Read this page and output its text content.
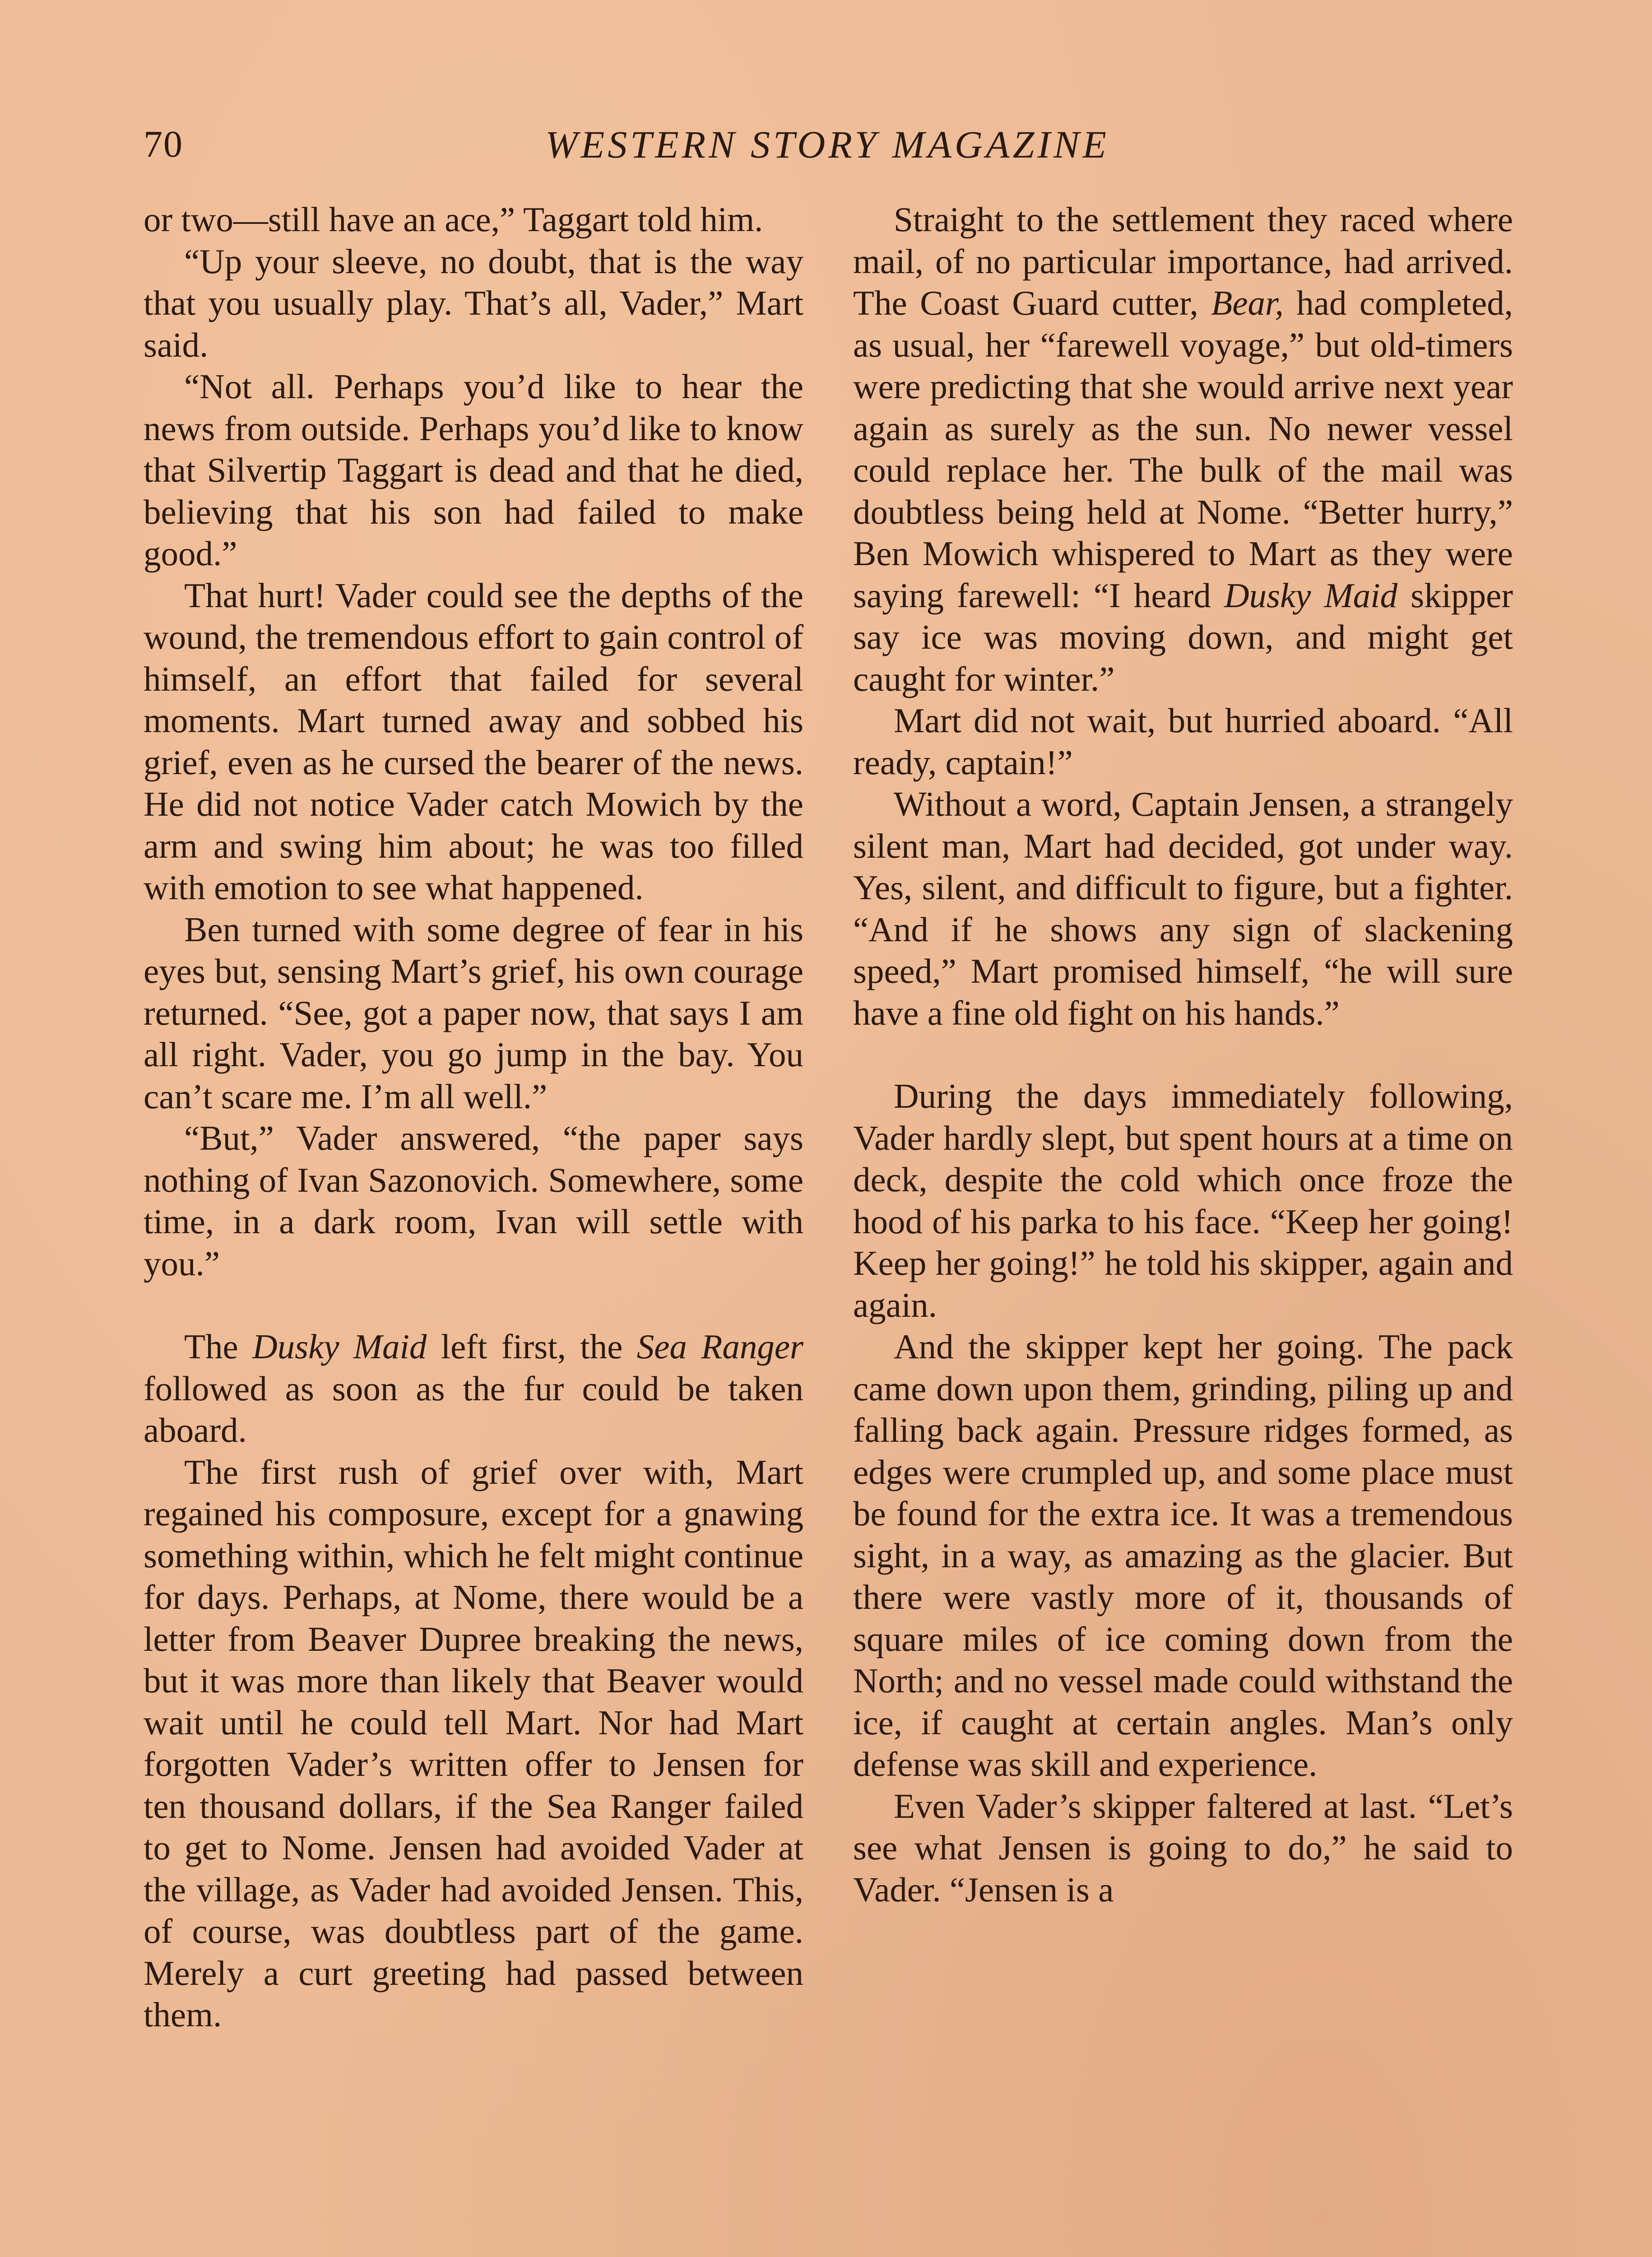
70	WESTERN STORY MAGAZINE

or two—still have an ace,” Taggart told him.

“Up your sleeve, no doubt, that is the way that you usually play. That’s all, Vader,” Mart said.

“Not all. Perhaps you’d like to hear the news from outside. Perhaps you’d like to know that Silvertip Taggart is dead and that he died, believing that his son had failed to make good.”

That hurt! Vader could see the depths of the wound, the tremendous effort to gain control of himself, an effort that failed for several moments. Mart turned away and sobbed his grief, even as he cursed the bearer of the news. He did not notice Vader catch Mowich by the arm and swing him about; he was too filled with emotion to see what happened.

Ben turned with some degree of fear in his eyes but, sensing Mart’s grief, his own courage returned. “See, got a paper now, that says I am all right. Vader, you go jump in the bay. You can’t scare me. I’m all well.”

“But,” Vader answered, “the paper says nothing of Ivan Sazonovich. Somewhere, some time, in a dark room, Ivan will settle with you.”

The Dusky Maid left first, the Sea Ranger followed as soon as the fur could be taken aboard.

The first rush of grief over with, Mart regained his composure, except for a gnawing something within, which he felt might continue for days. Perhaps, at Nome, there would be a letter from Beaver Dupree breaking the news, but it was more than likely that Beaver would wait until he could tell Mart. Nor had Mart forgotten Vader’s written offer to Jensen for ten thousand dollars, if the Sea Ranger failed to get to Nome. Jensen had avoided Vader at the village, as Vader had avoided Jensen. This, of course, was doubtless part of the game. Merely a curt greeting had passed between them.

Straight to the settlement they raced where mail, of no particular importance, had arrived. The Coast Guard cutter, Bear, had completed, as usual, her “farewell voyage,” but old-timers were predicting that she would arrive next year again as surely as the sun. No newer vessel could replace her. The bulk of the mail was doubtless being held at Nome. “Better hurry,” Ben Mowich whispered to Mart as they were saying farewell: “I heard Dusky Maid skipper say ice was moving down, and might get caught for winter.”

Mart did not wait, but hurried aboard. “All ready, captain!”

Without a word, Captain Jensen, a strangely silent man, Mart had decided, got under way. Yes, silent, and difficult to figure, but a fighter. “And if he shows any sign of slackening speed,” Mart promised himself, “he will sure have a fine old fight on his hands.”

During the days immediately following, Vader hardly slept, but spent hours at a time on deck, despite the cold which once froze the hood of his parka to his face. “Keep her going! Keep her going!” he told his skipper, again and again.

And the skipper kept her going. The pack came down upon them, grinding, piling up and falling back again. Pressure ridges formed, as edges were crumpled up, and some place must be found for the extra ice. It was a tremendous sight, in a way, as amazing as the glacier. But there were vastly more of it, thousands of square miles of ice coming down from the North; and no vessel made could withstand the ice, if caught at certain angles. Man’s only defense was skill and experience.

Even Vader’s skipper faltered at last. “Let’s see what Jensen is going to do,” he said to Vader. “Jensen is a
